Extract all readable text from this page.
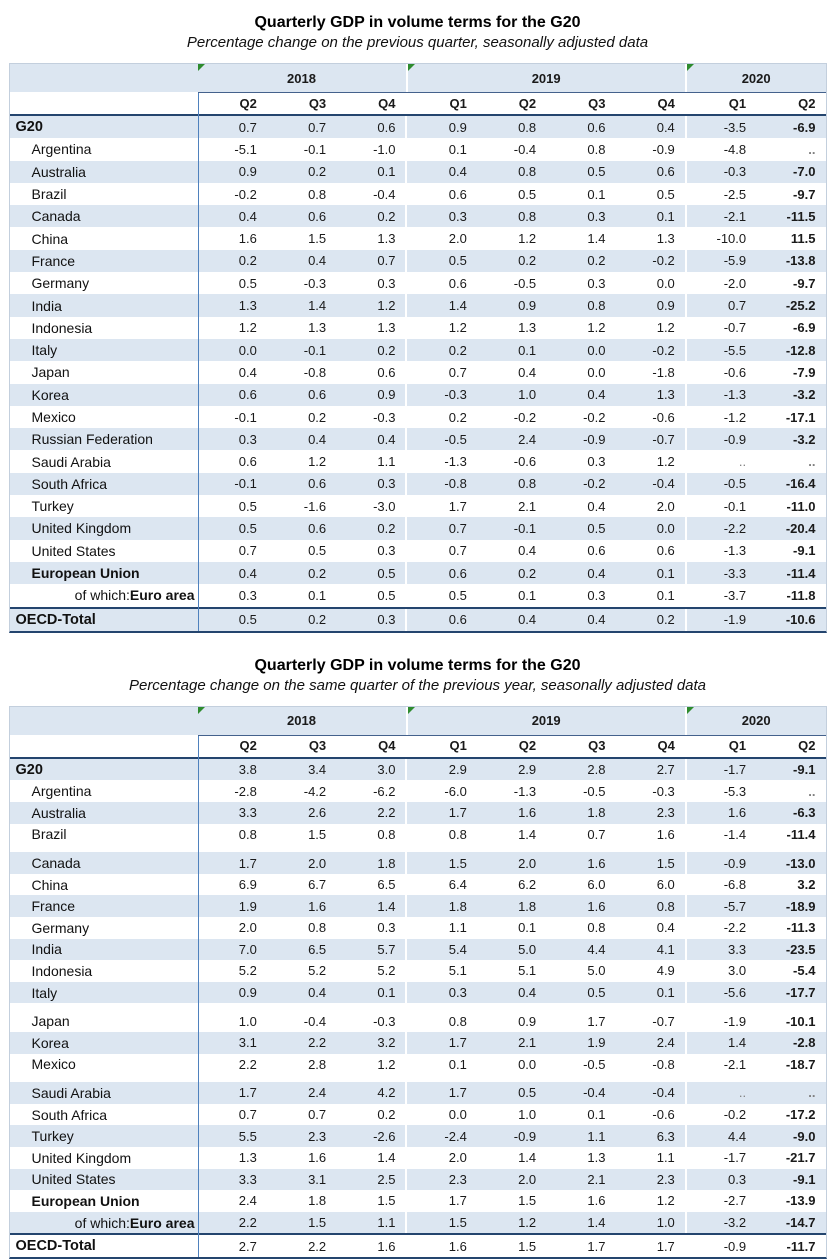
Quarterly GDP in volume terms for the G20
Percentage change on the previous quarter, seasonally adjusted data
2018	2019	2020
Q2	Q3	Q4	Q1	Q2	Q3	Q4	Q1	Q2
G20	0.7	0.7	0.6	0.9	0.8	0.6	0.4	-3.5	-6.9
Argentina	-5.1	-0.1	-1.0	0.1	-0.4	0.8	-0.9	-4.8	..
Australia	0.9	0.2	0.1	0.4	0.8	0.5	0.6	-0.3	-7.0
Brazil	-0.2	0.8	-0.4	0.6	0.5	0.1	0.5	-2.5	-9.7
Canada	0.4	0.6	0.2	0.3	0.8	0.3	0.1	-2.1	-11.5
China	1.6	1.5	1.3	2.0	1.2	1.4	1.3	-10.0	11.5
France	0.2	0.4	0.7	0.5	0.2	0.2	-0.2	-5.9	-13.8
Germany	0.5	-0.3	0.3	0.6	-0.5	0.3	0.0	-2.0	-9.7
India	1.3	1.4	1.2	1.4	0.9	0.8	0.9	0.7	-25.2
Indonesia	1.2	1.3	1.3	1.2	1.3	1.2	1.2	-0.7	-6.9
Italy	0.0	-0.1	0.2	0.2	0.1	0.0	-0.2	-5.5	-12.8
Japan	0.4	-0.8	0.6	0.7	0.4	0.0	-1.8	-0.6	-7.9
Korea	0.6	0.6	0.9	-0.3	1.0	0.4	1.3	-1.3	-3.2
Mexico	-0.1	0.2	-0.3	0.2	-0.2	-0.2	-0.6	-1.2	-17.1
Russian Federation	0.3	0.4	0.4	-0.5	2.4	-0.9	-0.7	-0.9	-3.2
Saudi Arabia	0.6	1.2	1.1	-1.3	-0.6	0.3	1.2	..	..
South Africa	-0.1	0.6	0.3	-0.8	0.8	-0.2	-0.4	-0.5	-16.4
Turkey	0.5	-1.6	-3.0	1.7	2.1	0.4	2.0	-0.1	-11.0
United Kingdom	0.5	0.6	0.2	0.7	-0.1	0.5	0.0	-2.2	-20.4
United States	0.7	0.5	0.3	0.7	0.4	0.6	0.6	-1.3	-9.1
European Union	0.4	0.2	0.5	0.6	0.2	0.4	0.1	-3.3	-11.4
of which: Euro area	0.3	0.1	0.5	0.5	0.1	0.3	0.1	-3.7	-11.8
OECD-Total	0.5	0.2	0.3	0.6	0.4	0.4	0.2	-1.9	-10.6
Quarterly GDP in volume terms for the G20
Percentage change on the same quarter of the previous year, seasonally adjusted data
2018	2019	2020
Q2	Q3	Q4	Q1	Q2	Q3	Q4	Q1	Q2
G20	3.8	3.4	3.0	2.9	2.9	2.8	2.7	-1.7	-9.1
Argentina	-2.8	-4.2	-6.2	-6.0	-1.3	-0.5	-0.3	-5.3	..
Australia	3.3	2.6	2.2	1.7	1.6	1.8	2.3	1.6	-6.3
Brazil	0.8	1.5	0.8	0.8	1.4	0.7	1.6	-1.4	-11.4
Canada	1.7	2.0	1.8	1.5	2.0	1.6	1.5	-0.9	-13.0
China	6.9	6.7	6.5	6.4	6.2	6.0	6.0	-6.8	3.2
France	1.9	1.6	1.4	1.8	1.8	1.6	0.8	-5.7	-18.9
Germany	2.0	0.8	0.3	1.1	0.1	0.8	0.4	-2.2	-11.3
India	7.0	6.5	5.7	5.4	5.0	4.4	4.1	3.3	-23.5
Indonesia	5.2	5.2	5.2	5.1	5.1	5.0	4.9	3.0	-5.4
Italy	0.9	0.4	0.1	0.3	0.4	0.5	0.1	-5.6	-17.7
Japan	1.0	-0.4	-0.3	0.8	0.9	1.7	-0.7	-1.9	-10.1
Korea	3.1	2.2	3.2	1.7	2.1	1.9	2.4	1.4	-2.8
Mexico	2.2	2.8	1.2	0.1	0.0	-0.5	-0.8	-2.1	-18.7
Saudi Arabia	1.7	2.4	4.2	1.7	0.5	-0.4	-0.4	..	..
South Africa	0.7	0.7	0.2	0.0	1.0	0.1	-0.6	-0.2	-17.2
Turkey	5.5	2.3	-2.6	-2.4	-0.9	1.1	6.3	4.4	-9.0
United Kingdom	1.3	1.6	1.4	2.0	1.4	1.3	1.1	-1.7	-21.7
United States	3.3	3.1	2.5	2.3	2.0	2.1	2.3	0.3	-9.1
European Union	2.4	1.8	1.5	1.7	1.5	1.6	1.2	-2.7	-13.9
of which: Euro area	2.2	1.5	1.1	1.5	1.2	1.4	1.0	-3.2	-14.7
OECD-Total	2.7	2.2	1.6	1.6	1.5	1.7	1.7	-0.9	-11.7
